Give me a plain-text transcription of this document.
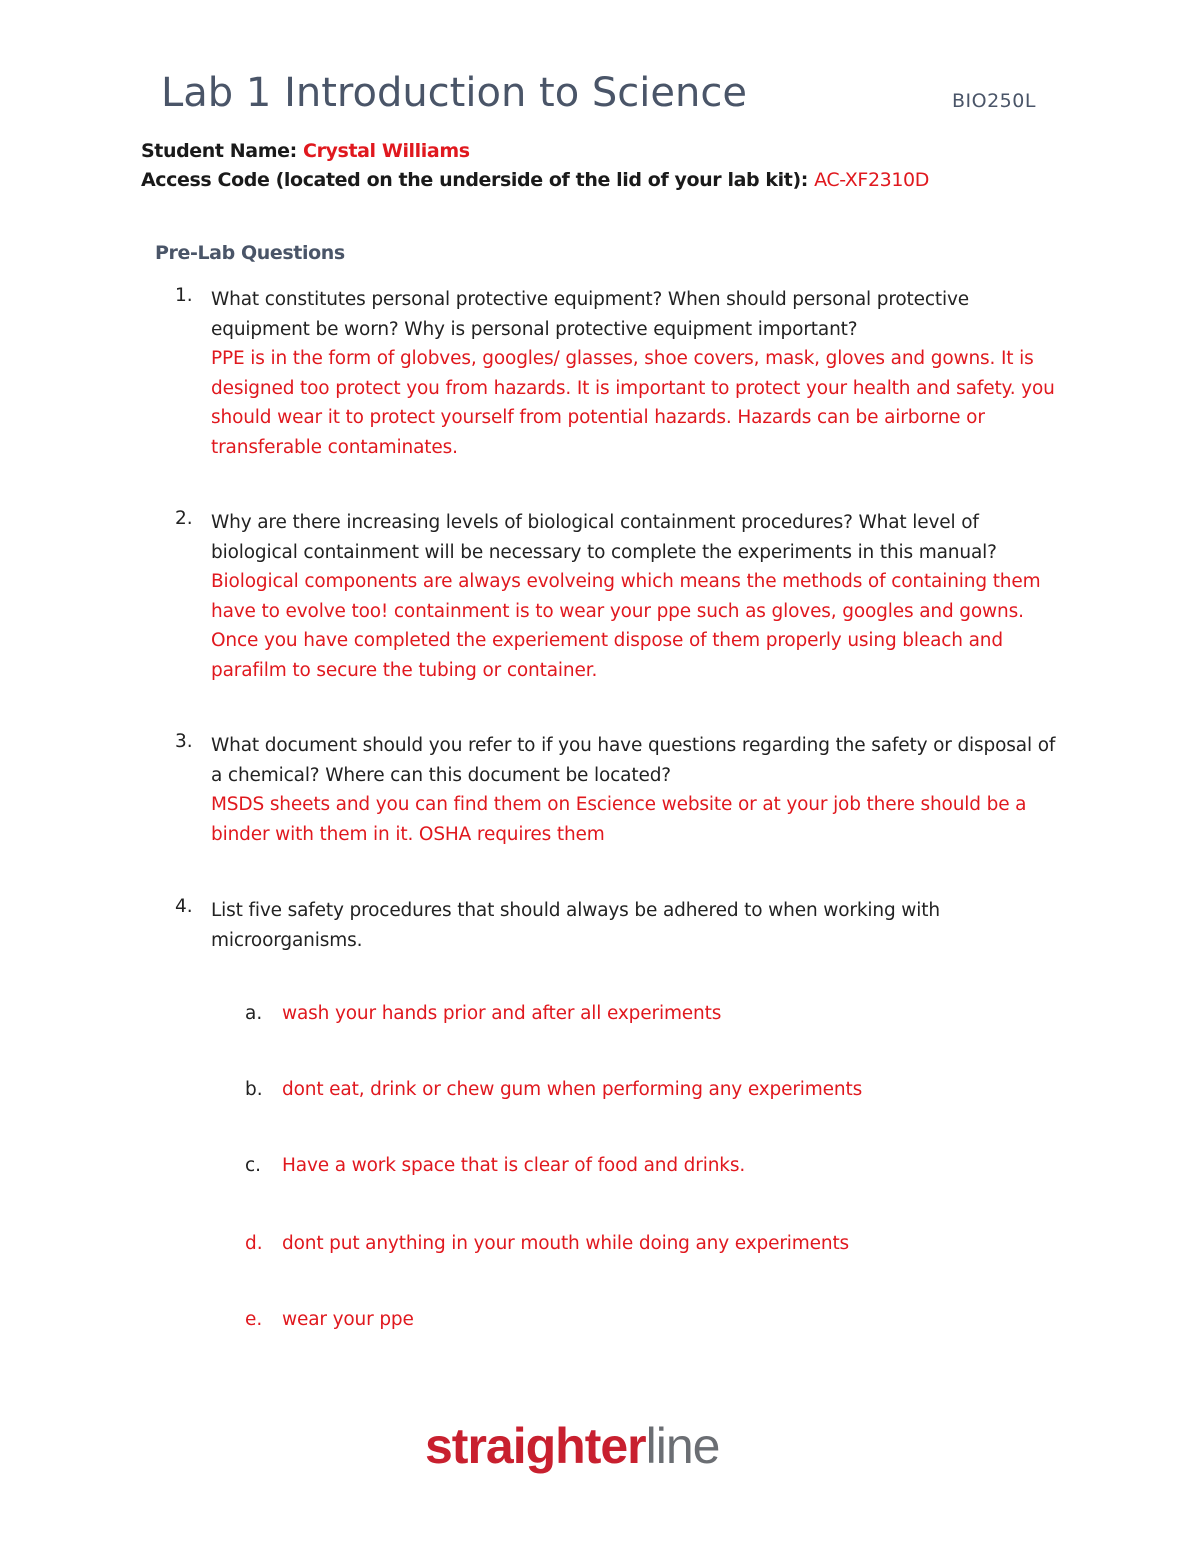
Lab 1 Introduction to Science	BIO250L
Student Name: Crystal Williams
Access Code (located on the underside of the lid of your lab kit): AC-XF2310D
Pre-Lab Questions
1. What constitutes personal protective equipment? When should personal protective equipment be worn? Why is personal protective equipment important?
PPE is in the form of globves, googles/ glasses, shoe covers, mask, gloves and gowns. It is designed too protect you from hazards. It is important to protect your health and safety. you should wear it to protect yourself from potential hazards. Hazards can be airborne or transferable contaminates.
2. Why are there increasing levels of biological containment procedures? What level of biological containment will be necessary to complete the experiments in this manual?
Biological components are always evolveing which means the methods of containing them have to evolve too! containment is to wear your ppe such as gloves, googles and gowns. Once you have completed the experiement dispose of them properly using bleach and parafilm to secure the tubing or container.
3. What document should you refer to if you have questions regarding the safety or disposal of a chemical? Where can this document be located?
MSDS sheets and you can find them on Escience website or at your job there should be a binder with them in it. OSHA requires them
4. List five safety procedures that should always be adhered to when working with microorganisms.
a. wash your hands prior and after all experiments
b. dont eat, drink or chew gum when performing any experiments
c. Have a work space that is clear of food and drinks.
d. dont put anything in your mouth while doing any experiments
e. wear your ppe
straighterline
